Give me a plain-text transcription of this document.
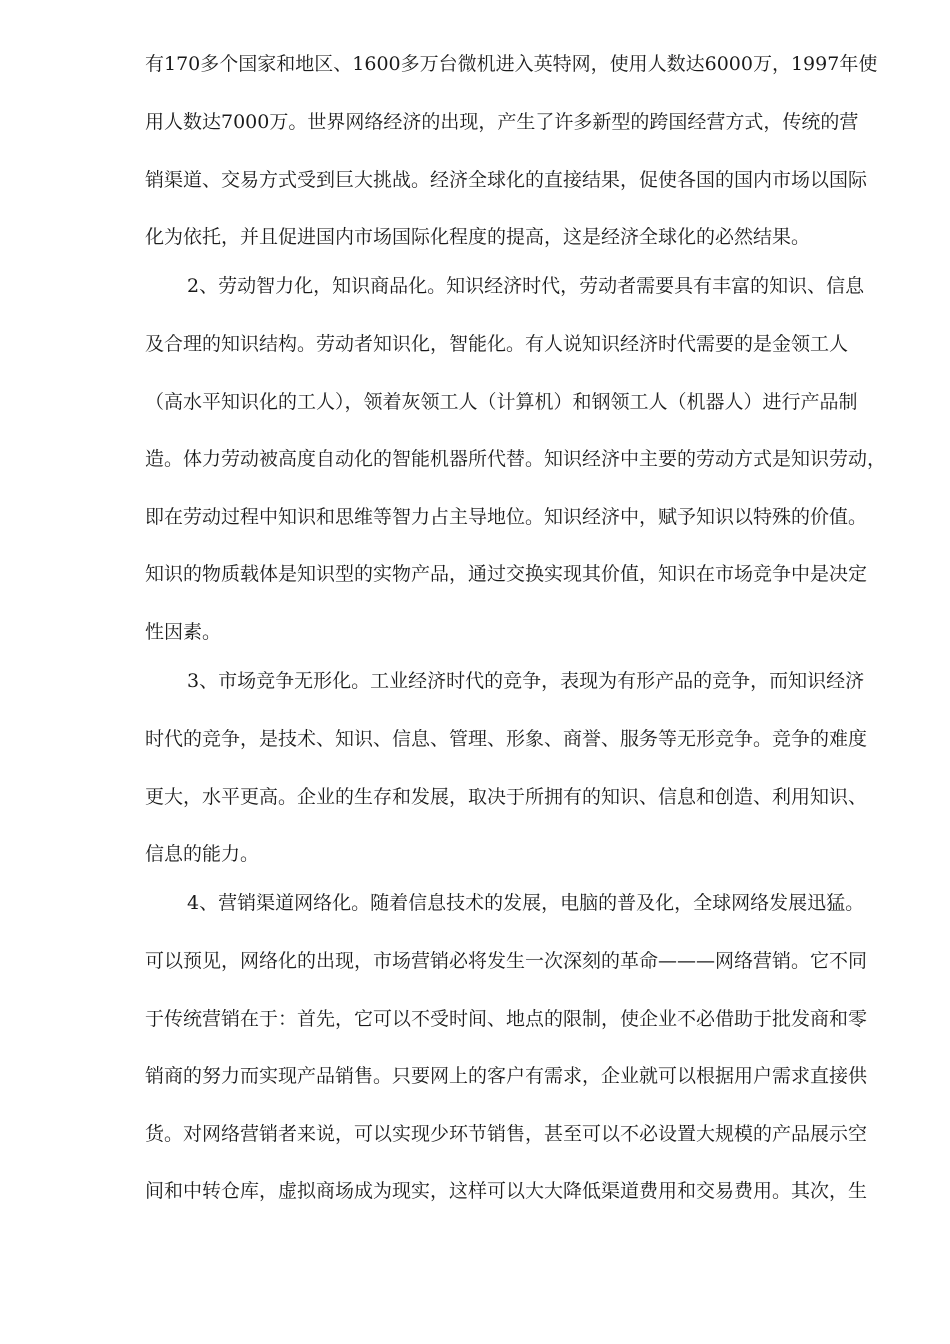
有170多个国家和地区、1600多万台微机进入英特网，使用人数达6000万，1997年使
用人数达7000万。世界网络经济的出现，产生了许多新型的跨国经营方式，传统的营
销渠道、交易方式受到巨大挑战。经济全球化的直接结果，促使各国的国内市场以国际
化为依托，并且促进国内市场国际化程度的提高，这是经济全球化的必然结果。
2、劳动智力化，知识商品化。知识经济时代，劳动者需要具有丰富的知识、信息
及合理的知识结构。劳动者知识化，智能化。有人说知识经济时代需要的是金领工人
（高水平知识化的工人），领着灰领工人（计算机）和钢领工人（机器人）进行产品制
造。体力劳动被高度自动化的智能机器所代替。知识经济中主要的劳动方式是知识劳动，
即在劳动过程中知识和思维等智力占主导地位。知识经济中，赋予知识以特殊的价值。
知识的物质载体是知识型的实物产品，通过交换实现其价值，知识在市场竞争中是决定
性因素。
3、市场竞争无形化。工业经济时代的竞争，表现为有形产品的竞争，而知识经济
时代的竞争，是技术、知识、信息、管理、形象、商誉、服务等无形竞争。竞争的难度
更大，水平更高。企业的生存和发展，取决于所拥有的知识、信息和创造、利用知识、
信息的能力。
4、营销渠道网络化。随着信息技术的发展，电脑的普及化，全球网络发展迅猛。
可以预见，网络化的出现，市场营销必将发生一次深刻的革命———网络营销。它不同
于传统营销在于：首先，它可以不受时间、地点的限制，使企业不必借助于批发商和零
销商的努力而实现产品销售。只要网上的客户有需求，企业就可以根据用户需求直接供
货。对网络营销者来说，可以实现少环节销售，甚至可以不必设置大规模的产品展示空
间和中转仓库，虚拟商场成为现实，这样可以大大降低渠道费用和交易费用。其次，生
